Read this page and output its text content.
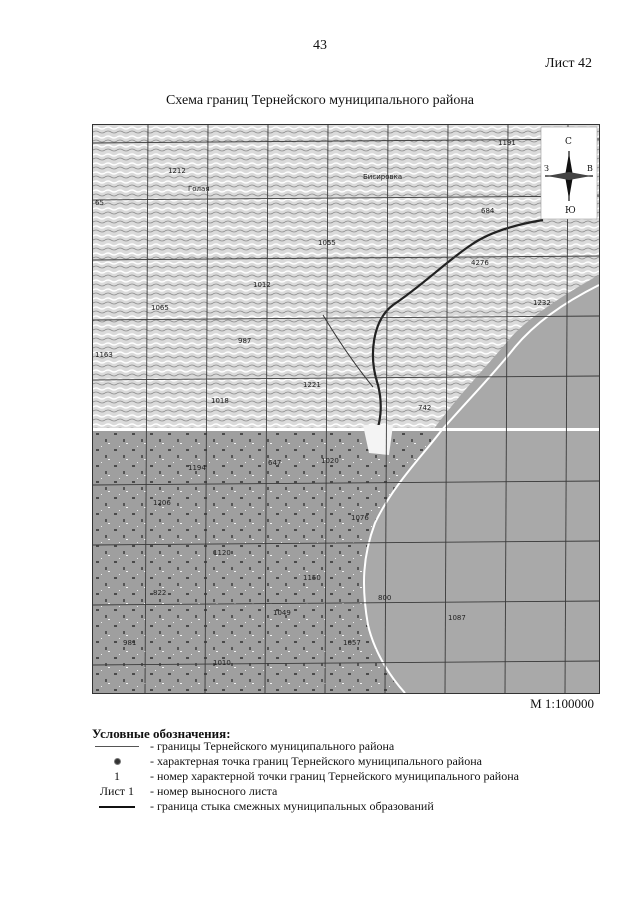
43
Лист 42
Схема границ Тернейского муниципального района
Голая
Бисировка
1212
1191
684
1055
65
1065
4276
1163
987
1018
1221
1232
742
1012
647	1020
1206
1076
1120
822
1049
1057
1010
800
1087
981
1150
1194
С
Ю
З	В
М 1:100000
Условные обозначения:
- границы Тернейского муниципального района
- характерная точка границ Тернейского муниципального района
1	- номер характерной точки границ Тернейского муниципального района
Лист 1	- номер выносного листа
- граница стыка смежных муниципальных образований
